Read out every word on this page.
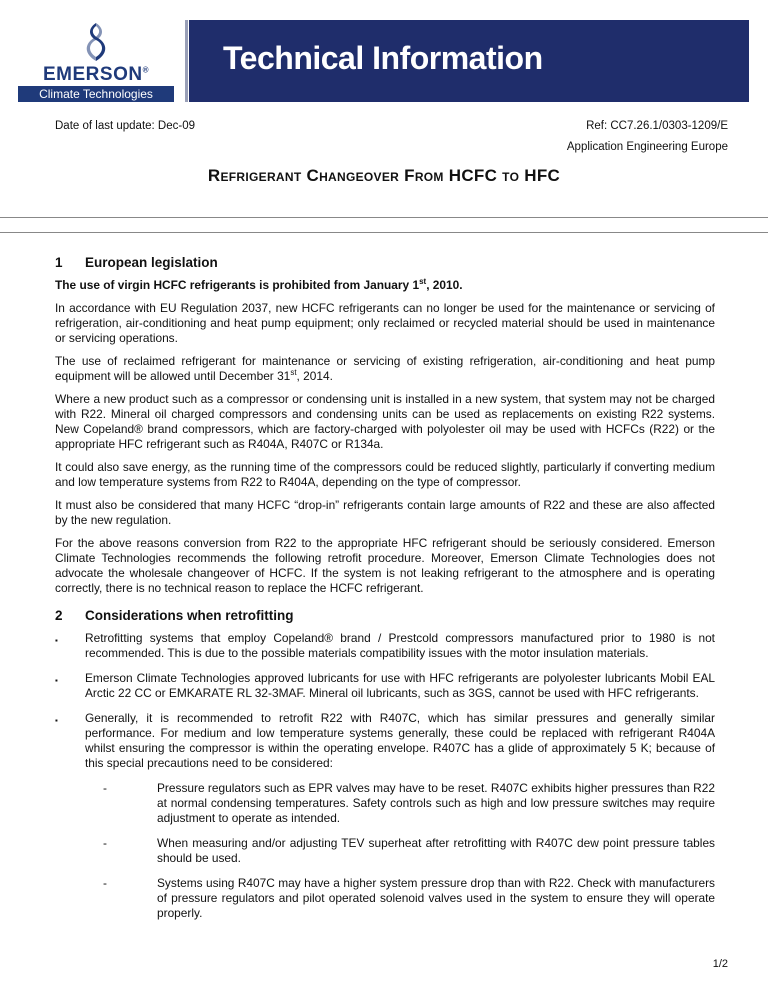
EMERSON®
Climate Technologies
Technical Information
Date of last update: Dec-09	Ref: CC7.26.1/0303-1209/E
Application Engineering Europe
Refrigerant Changeover From HCFC to HFC
1	European legislation
The use of virgin HCFC refrigerants is prohibited from January 1st, 2010.

In accordance with EU Regulation 2037, new HCFC refrigerants can no longer be used for the maintenance or servicing of refrigeration, air-conditioning and heat pump equipment; only reclaimed or recycled material should be used in maintenance or servicing operations.

The use of reclaimed refrigerant for maintenance or servicing of existing refrigeration, air-conditioning and heat pump equipment will be allowed until December 31st, 2014.

Where a new product such as a compressor or condensing unit is installed in a new system, that system may not be charged with R22. Mineral oil charged compressors and condensing units can be used as replacements on existing R22 systems. New Copeland® brand compressors, which are factory-charged with polyolester oil may be used with HCFCs (R22) or the appropriate HFC refrigerant such as R404A, R407C or R134a.

It could also save energy, as the running time of the compressors could be reduced slightly, particularly if converting medium and low temperature systems from R22 to R404A, depending on the type of compressor.

It must also be considered that many HCFC “drop-in” refrigerants contain large amounts of R22 and these are also affected by the new regulation.

For the above reasons conversion from R22 to the appropriate HFC refrigerant should be seriously considered. Emerson Climate Technologies recommends the following retrofit procedure. Moreover, Emerson Climate Technologies does not advocate the wholesale changeover of HCFC. If the system is not leaking refrigerant to the atmosphere and is operating correctly, there is no technical reason to replace the HCFC refrigerant.

2	Considerations when retrofitting
▪	Retrofitting systems that employ Copeland® brand / Prestcold compressors manufactured prior to 1980 is not recommended. This is due to the possible materials compatibility issues with the motor insulation materials.
▪	Emerson Climate Technologies approved lubricants for use with HFC refrigerants are polyolester lubricants Mobil EAL Arctic 22 CC or EMKARATE RL 32-3MAF. Mineral oil lubricants, such as 3GS, cannot be used with HFC refrigerants.
▪	Generally, it is recommended to retrofit R22 with R407C, which has similar pressures and generally similar performance. For medium and low temperature systems generally, these could be replaced with refrigerant R404A whilst ensuring the compressor is within the operating envelope. R407C has a glide of approximately 5 K; because of this special precautions need to be considered:
-	Pressure regulators such as EPR valves may have to be reset. R407C exhibits higher pressures than R22 at normal condensing temperatures. Safety controls such as high and low pressure switches may require adjustment to operate as intended.
-	When measuring and/or adjusting TEV superheat after retrofitting with R407C dew point pressure tables should be used.
-	Systems using R407C may have a higher system pressure drop than with R22. Check with manufacturers of pressure regulators and pilot operated solenoid valves used in the system to ensure they will operate properly.
1/2
